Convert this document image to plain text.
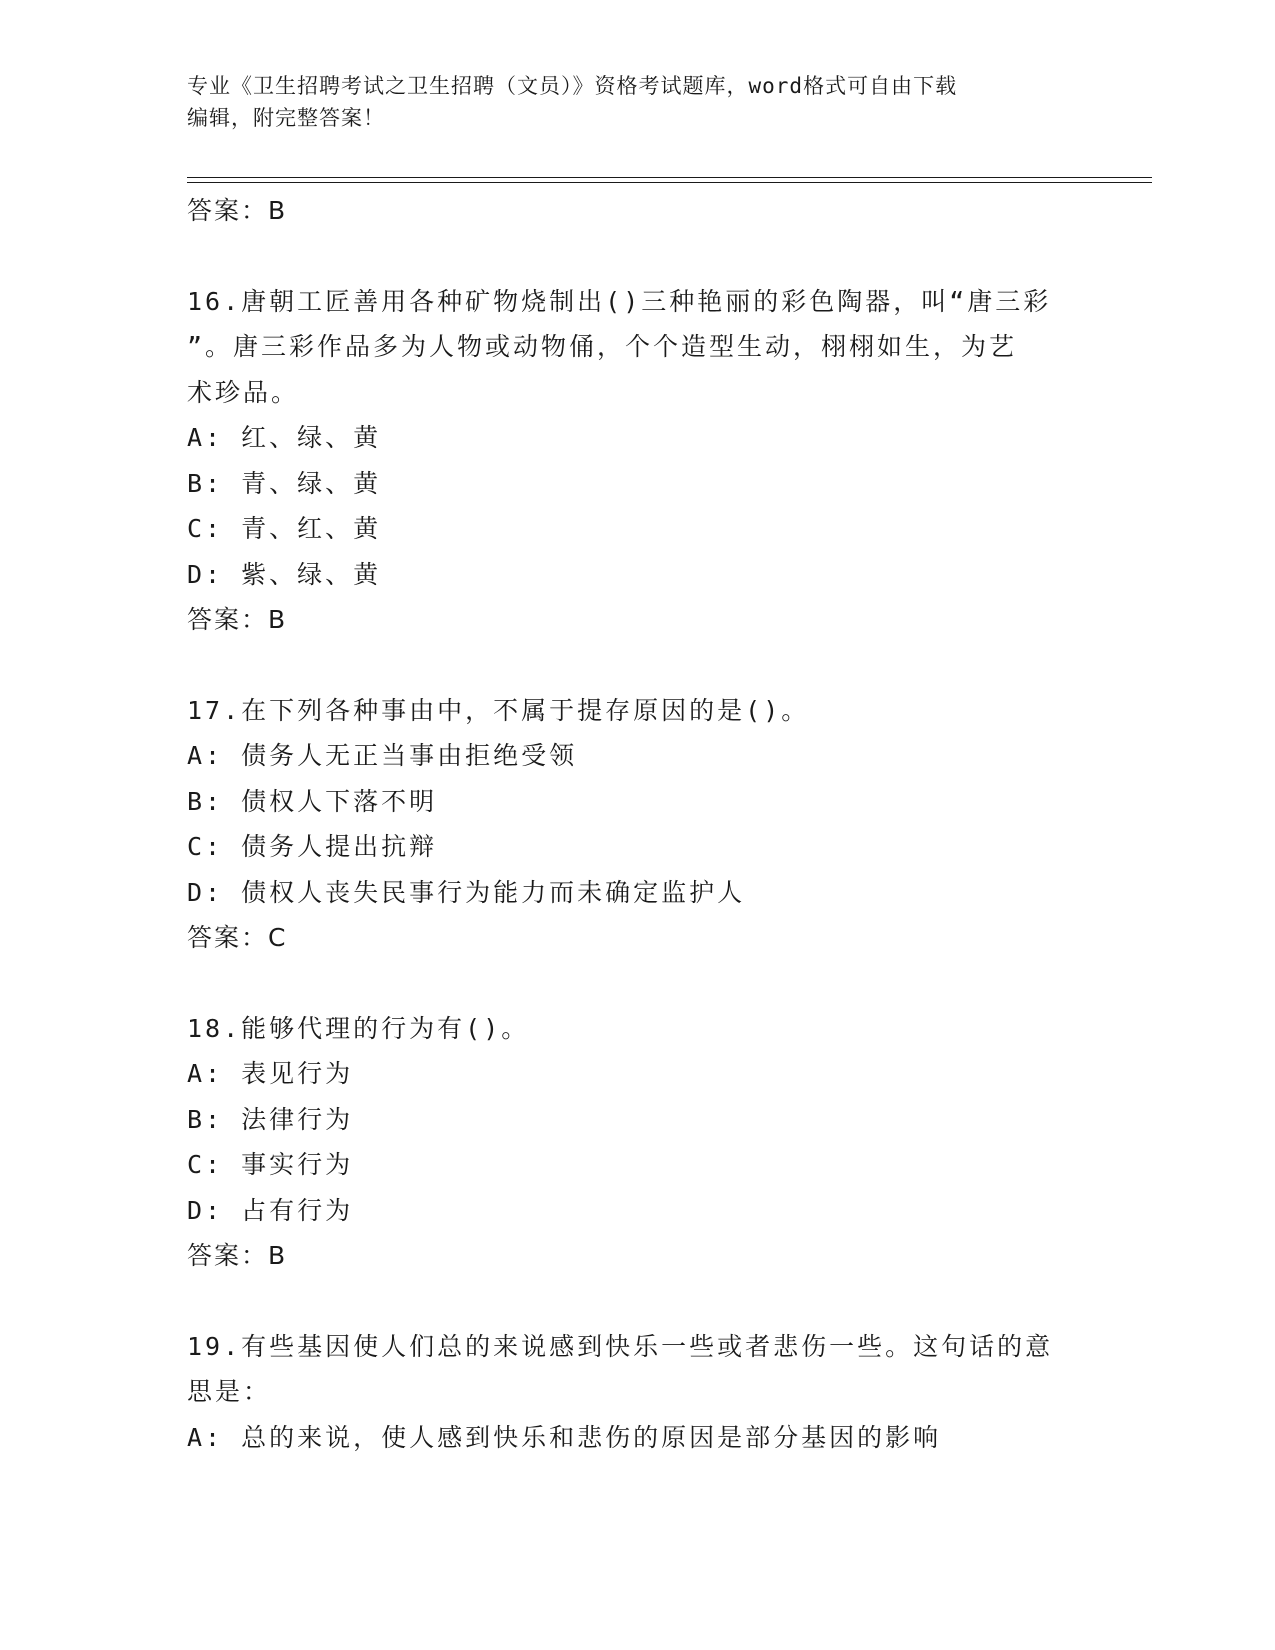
专业《卫生招聘考试之卫生招聘（文员）》资格考试题库，word格式可自由下载
编辑，附完整答案！
答案：B
16.唐朝工匠善用各种矿物烧制出()三种艳丽的彩色陶器，叫“唐三彩
”。唐三彩作品多为人物或动物俑，个个造型生动，栩栩如生，为艺
术珍品。
A: 红、绿、黄
B: 青、绿、黄
C: 青、红、黄
D: 紫、绿、黄
答案：B
17.在下列各种事由中，不属于提存原因的是()。
A: 债务人无正当事由拒绝受领
B: 债权人下落不明
C: 债务人提出抗辩
D: 债权人丧失民事行为能力而未确定监护人
答案：C
18.能够代理的行为有()。
A: 表见行为
B: 法律行为
C: 事实行为
D: 占有行为
答案：B
19.有些基因使人们总的来说感到快乐一些或者悲伤一些。这句话的意
思是：
A: 总的来说，使人感到快乐和悲伤的原因是部分基因的影响
